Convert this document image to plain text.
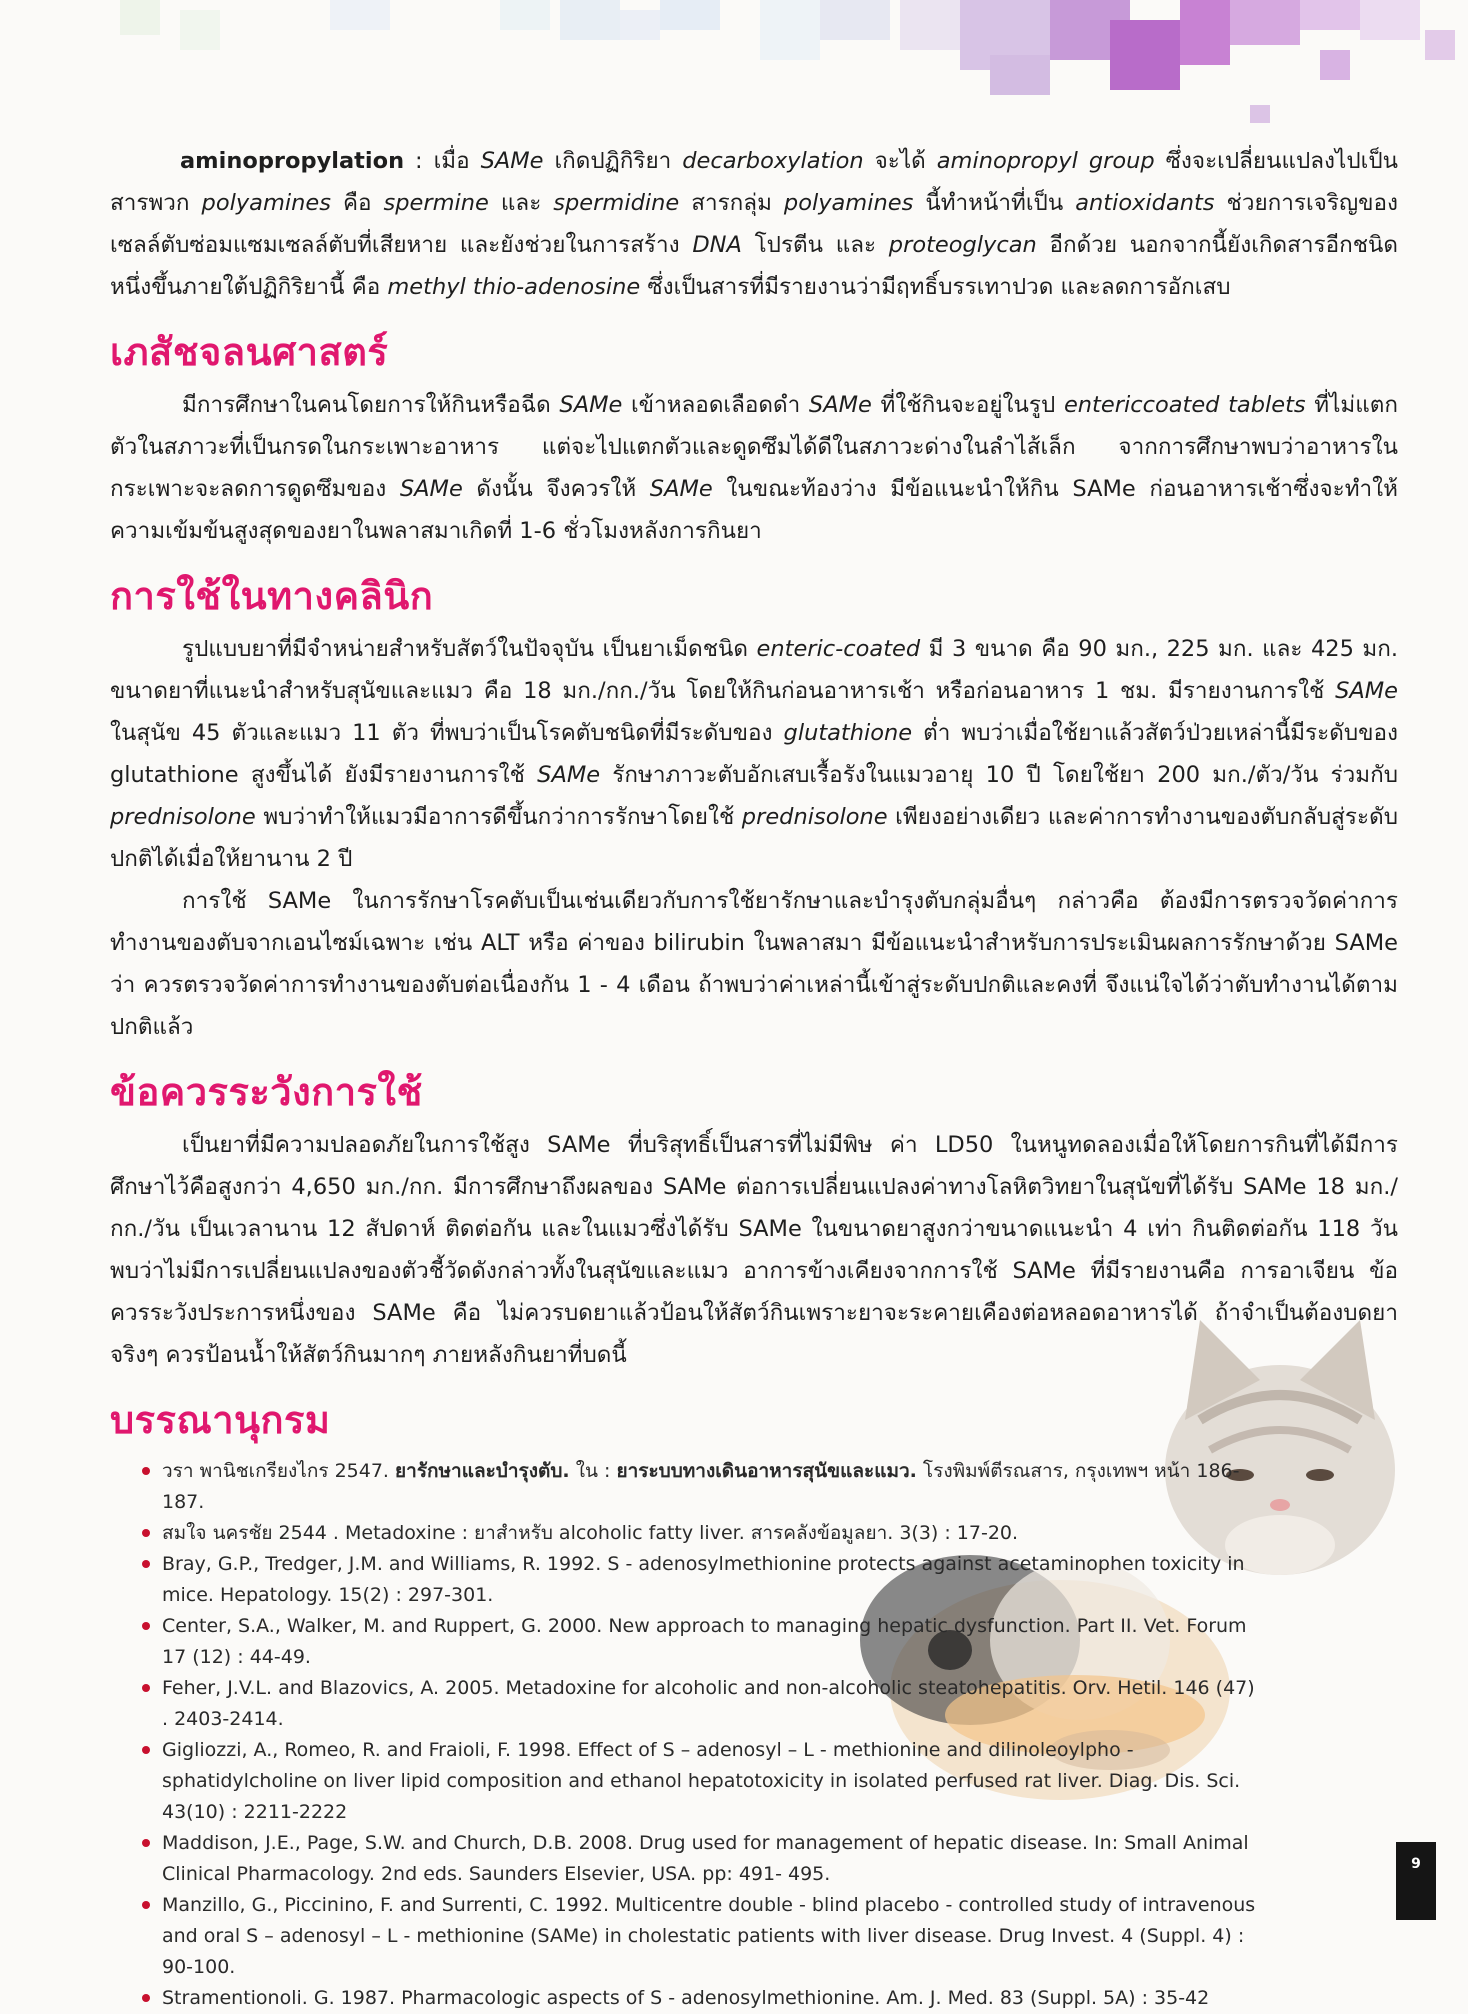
aminopropylation : เมื่อ SAMe เกิดปฏิกิริยา decarboxylation จะได้ aminopropyl group ซึ่งจะเปลี่ยนแปลงไปเป็นสารพวก polyamines คือ spermine และ spermidine สารกลุ่ม polyamines นี้ทำหน้าที่เป็น antioxidants ช่วยการเจริญของเซลล์ตับซ่อมแซมเซลล์ตับที่เสียหาย และยังช่วยในการสร้าง DNA โปรตีน และ proteoglycan อีกด้วย นอกจากนี้ยังเกิดสารอีกชนิดหนึ่งขึ้นภายใต้ปฏิกิริยานี้ คือ methyl thio-adenosine ซึ่งเป็นสารที่มีรายงานว่ามีฤทธิ์บรรเทาปวด และลดการอักเสบ

เภสัชจลนศาสตร์

มีการศึกษาในคนโดยการให้กินหรือฉีด SAMe เข้าหลอดเลือดดำ SAMe ที่ใช้กินจะอยู่ในรูป entericcoated tablets ที่ไม่แตกตัวในสภาวะที่เป็นกรดในกระเพาะอาหาร แต่จะไปแตกตัวและดูดซึมได้ดีในสภาวะด่างในลำไส้เล็ก จากการศึกษาพบว่าอาหารในกระเพาะจะลดการดูดซึมของ SAMe ดังนั้น จึงควรให้ SAMe ในขณะท้องว่าง มีข้อแนะนำให้กิน SAMe ก่อนอาหารเช้าซึ่งจะทำให้ความเข้มข้นสูงสุดของยาในพลาสมาเกิดที่ 1-6 ชั่วโมงหลังการกินยา

การใช้ในทางคลินิก

รูปแบบยาที่มีจำหน่ายสำหรับสัตว์ในปัจจุบัน เป็นยาเม็ดชนิด enteric-coated มี 3 ขนาด คือ 90 มก., 225 มก. และ 425 มก. ขนาดยาที่แนะนำสำหรับสุนัขและแมว คือ 18 มก./กก./วัน โดยให้กินก่อนอาหารเช้า หรือก่อนอาหาร 1 ชม. มีรายงานการใช้ SAMe ในสุนัข 45 ตัวและแมว 11 ตัว ที่พบว่าเป็นโรคตับชนิดที่มีระดับของ glutathione ต่ำ พบว่าเมื่อใช้ยาแล้วสัตว์ป่วยเหล่านี้มีระดับของ glutathione สูงขึ้นได้ ยังมีรายงานการใช้ SAMe รักษาภาวะตับอักเสบเรื้อรังในแมวอายุ 10 ปี โดยใช้ยา 200 มก./ตัว/วัน ร่วมกับ prednisolone พบว่าทำให้แมวมีอาการดีขึ้นกว่าการรักษาโดยใช้ prednisolone เพียงอย่างเดียว และค่าการทำงานของตับกลับสู่ระดับปกติได้เมื่อให้ยานาน 2 ปี

การใช้ SAMe ในการรักษาโรคตับเป็นเช่นเดียวกับการใช้ยารักษาและบำรุงตับกลุ่มอื่นๆ กล่าวคือ ต้องมีการตรวจวัดค่าการทำงานของตับจากเอนไซม์เฉพาะ เช่น ALT หรือ ค่าของ bilirubin ในพลาสมา มีข้อแนะนำสำหรับการประเมินผลการรักษาด้วย SAMe ว่า ควรตรวจวัดค่าการทำงานของตับต่อเนื่องกัน 1 - 4 เดือน ถ้าพบว่าค่าเหล่านี้เข้าสู่ระดับปกติและคงที่ จึงแน่ใจได้ว่าตับทำงานได้ตามปกติแล้ว

ข้อควรระวังการใช้

เป็นยาที่มีความปลอดภัยในการใช้สูง SAMe ที่บริสุทธิ์เป็นสารที่ไม่มีพิษ ค่า LD50 ในหนูทดลองเมื่อให้โดยการกินที่ได้มีการศึกษาไว้คือสูงกว่า 4,650 มก./กก. มีการศึกษาถึงผลของ SAMe ต่อการเปลี่ยนแปลงค่าทางโลหิตวิทยาในสุนัขที่ได้รับ SAMe 18 มก./กก./วัน เป็นเวลานาน 12 สัปดาห์ ติดต่อกัน และในแมวซึ่งได้รับ SAMe ในขนาดยาสูงกว่าขนาดแนะนำ 4 เท่า กินติดต่อกัน 118 วัน พบว่าไม่มีการเปลี่ยนแปลงของตัวชี้วัดดังกล่าวทั้งในสุนัขและแมว อาการข้างเคียงจากการใช้ SAMe ที่มีรายงานคือ การอาเจียน ข้อควรระวังประการหนึ่งของ SAMe คือ ไม่ควรบดยาแล้วป้อนให้สัตว์กินเพราะยาจะระคายเคืองต่อหลอดอาหารได้ ถ้าจำเป็นต้องบดยาจริงๆ ควรป้อนน้ำให้สัตว์กินมากๆ ภายหลังกินยาที่บดนี้

บรรณานุกรม
วรา พานิชเกรียงไกร 2547. ยารักษาและบำรุงตับ. ใน : ยาระบบทางเดินอาหารสุนัขและแมว. โรงพิมพ์ตีรณสาร, กรุงเทพฯ หน้า 186-187.
สมใจ นครชัย 2544 . Metadoxine : ยาสำหรับ alcoholic fatty liver. สารคลังข้อมูลยา. 3(3) : 17-20.
Bray, G.P., Tredger, J.M. and Williams, R. 1992. S - adenosylmethionine protects against acetaminophen toxicity in mice. Hepatology. 15(2) : 297-301.
Center, S.A., Walker, M. and Ruppert, G. 2000. New approach to managing hepatic dysfunction. Part II. Vet. Forum 17 (12) : 44-49.
Feher, J.V.L. and Blazovics, A. 2005. Metadoxine for alcoholic and non-alcoholic steatohepatitis. Orv. Hetil. 146 (47) . 2403-2414.
Gigliozzi, A., Romeo, R. and Fraioli, F. 1998. Effect of S – adenosyl – L - methionine and dilinoleoylpho - sphatidylcholine on liver lipid composition and ethanol hepatotoxicity in isolated perfused rat liver. Diag. Dis. Sci. 43(10) : 2211-2222
Maddison, J.E., Page, S.W. and Church, D.B. 2008. Drug used for management of hepatic disease. In: Small Animal Clinical Pharmacology. 2nd eds. Saunders Elsevier, USA. pp: 491- 495.
Manzillo, G., Piccinino, F. and Surrenti, C. 1992. Multicentre double - blind placebo - controlled study of intravenous and oral S – adenosyl – L - methionine (SAMe) in cholestatic patients with liver disease. Drug Invest. 4 (Suppl. 4) : 90-100.
Stramentionoli. G. 1987. Pharmacologic aspects of S - adenosylmethionine. Am. J. Med. 83 (Suppl. 5A) : 35-42
9
